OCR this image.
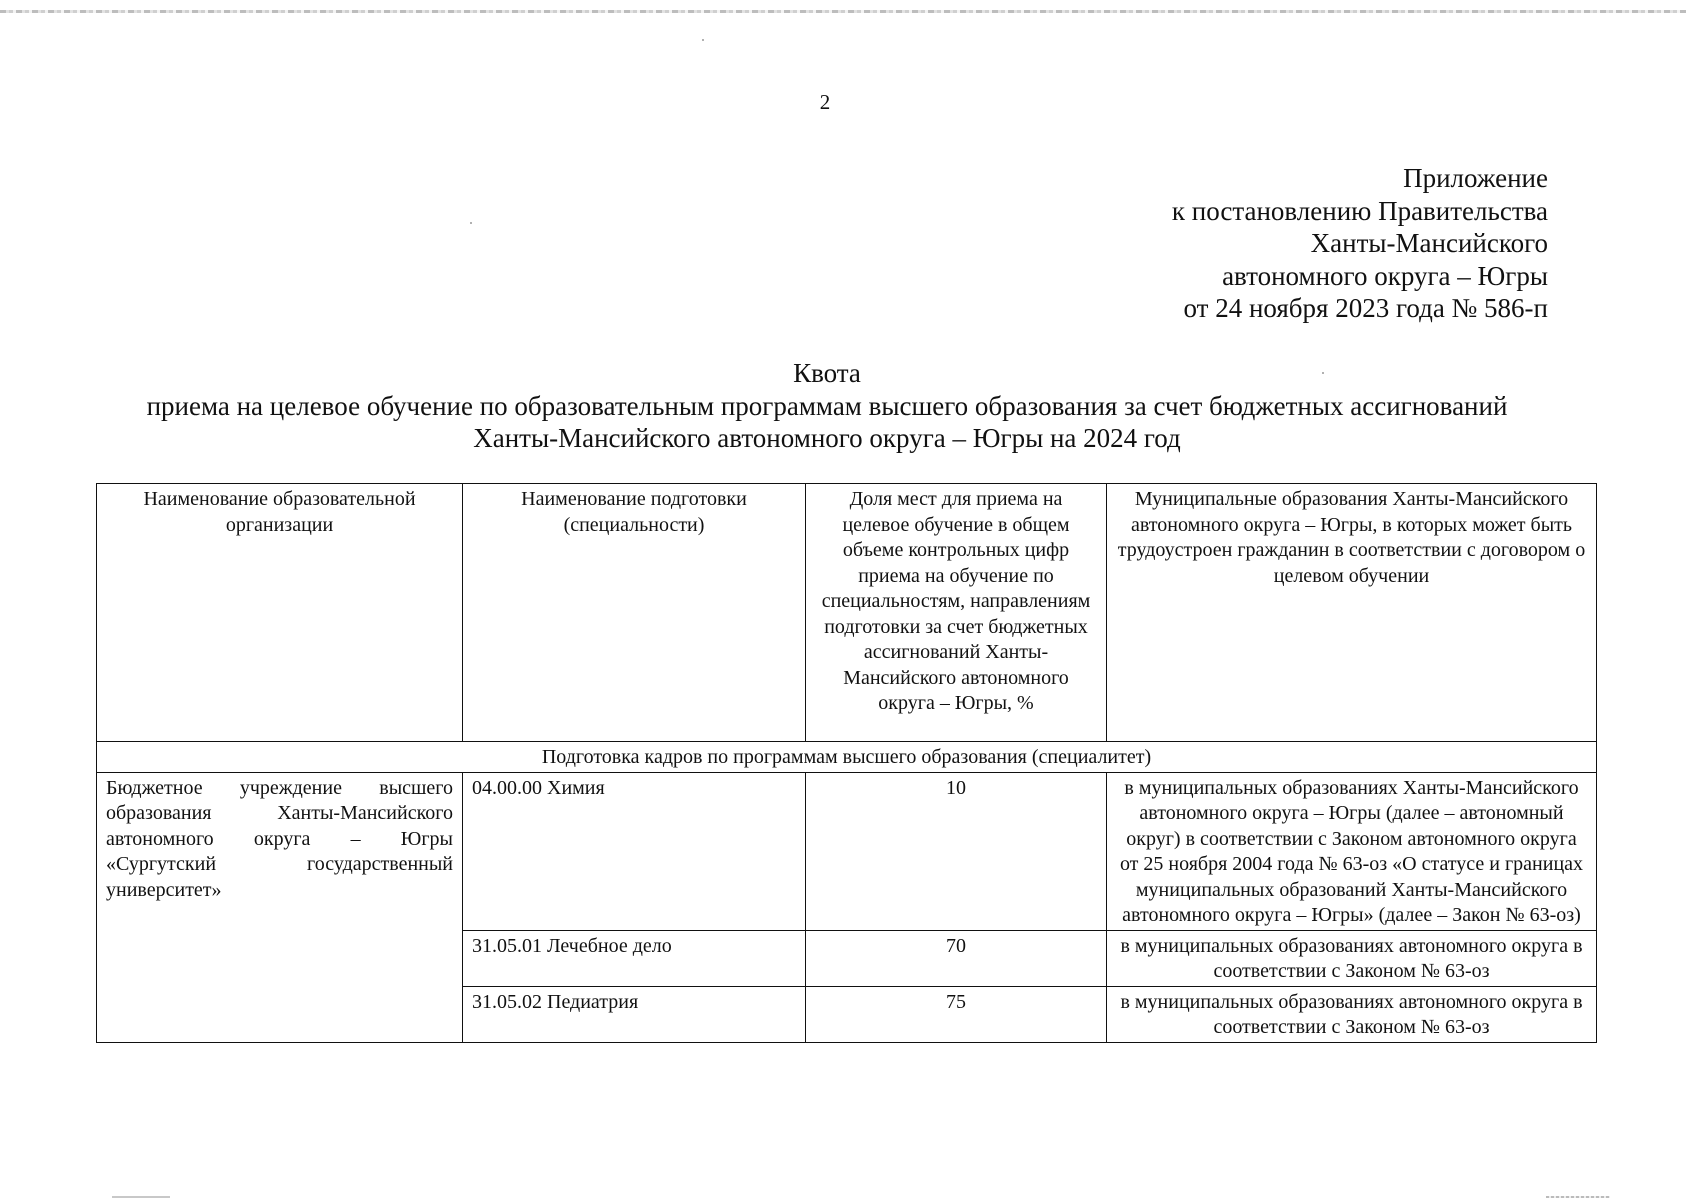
2
Приложение
к постановлению Правительства
Ханты-Мансийского
автономного округа – Югры
от 24 ноября 2023 года № 586-п
Квота
приема на целевое обучение по образовательным программам высшего образования за счет бюджетных ассигнований
Ханты-Мансийского автономного округа – Югры на 2024 год
Наименование образовательной организации	Наименование подготовки (специальности)	Доля мест для приема на целевое обучение в общем объеме контрольных цифр приема на обучение по специальностям, направлениям подготовки за счет бюджетных ассигнований Ханты-Мансийского автономного округа – Югры, %	Муниципальные образования Ханты-Мансийского автономного округа – Югры, в которых может быть трудоустроен гражданин в соответствии с договором о целевом обучении
Подготовка кадров по программам высшего образования (специалитет)			
Бюджетное учреждение высшего образования Ханты-Мансийского автономного округа – Югры «Сургутский государственный университет»	04.00.00 Химия	10	в муниципальных образованиях Ханты-Мансийского автономного округа – Югры (далее – автономный округ) в соответствии с Законом автономного округа от 25 ноября 2004 года № 63-оз «О статусе и границах муниципальных образований Ханты-Мансийского автономного округа – Югры» (далее – Закон № 63-оз)
	31.05.01 Лечебное дело	70	в муниципальных образованиях автономного округа в соответствии с Законом № 63-оз
	31.05.02 Педиатрия	75	в муниципальных образованиях автономного округа в соответствии с Законом № 63-оз
